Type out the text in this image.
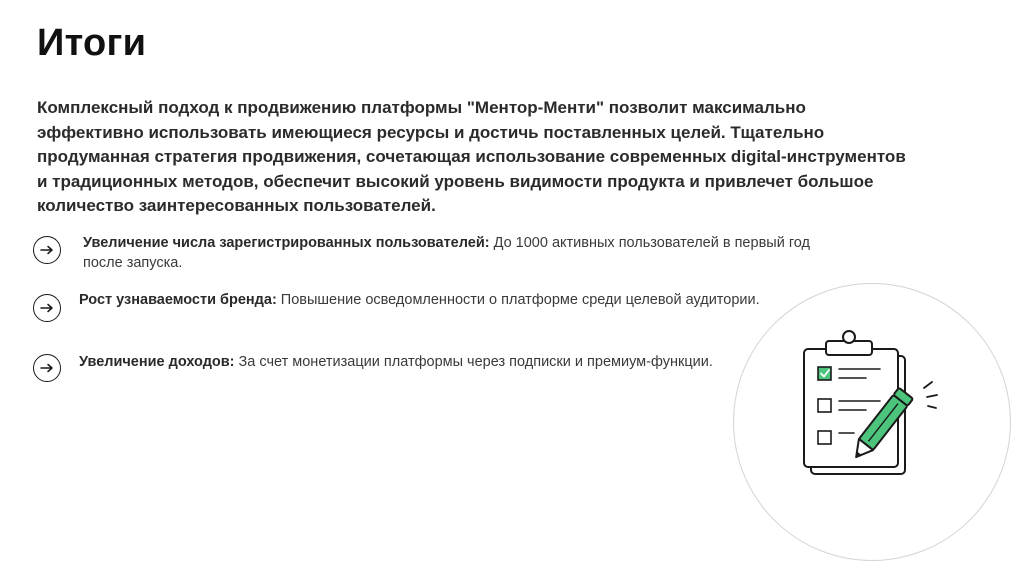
Итоги

Комплексный подход к продвижению платформы "Ментор-Менти" позволит максимально эффективно использовать имеющиеся ресурсы и достичь поставленных целей. Тщательно продуманная стратегия продвижения, сочетающая использование современных digital-инструментов и традиционных методов, обеспечит высокий уровень видимости продукта и привлечет большое количество заинтересованных пользователей.

Увеличение числа зарегистрированных пользователей: До 1000 активных пользователей в первый год после запуска.

Рост узнаваемости бренда: Повышение осведомленности о платформе среди целевой аудитории.

Увеличение доходов: За счет монетизации платформы через подписки и премиум-функции.
